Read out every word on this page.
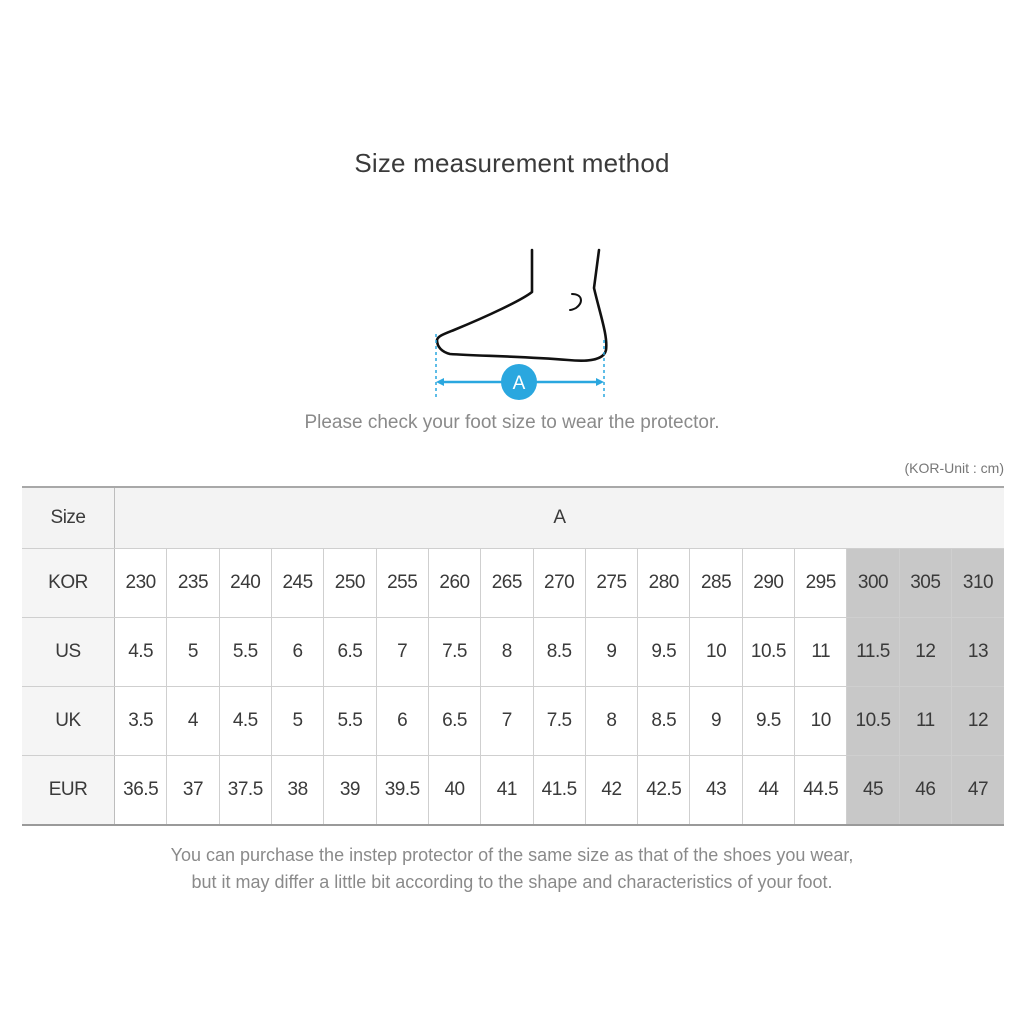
Size measurement method
A
Please check your foot size to wear the protector.
(KOR-Unit : cm)
Size	A																
KOR	230	235	240	245	250	255	260	265	270	275	280	285	290	295	300	305	310
US	4.5	5	5.5	6	6.5	7	7.5	8	8.5	9	9.5	10	10.5	11	11.5	12	13
UK	3.5	4	4.5	5	5.5	6	6.5	7	7.5	8	8.5	9	9.5	10	10.5	11	12
EUR	36.5	37	37.5	38	39	39.5	40	41	41.5	42	42.5	43	44	44.5	45	46	47
You can purchase the instep protector of the same size as that of the shoes you wear,
but it may differ a little bit according to the shape and characteristics of your foot.
